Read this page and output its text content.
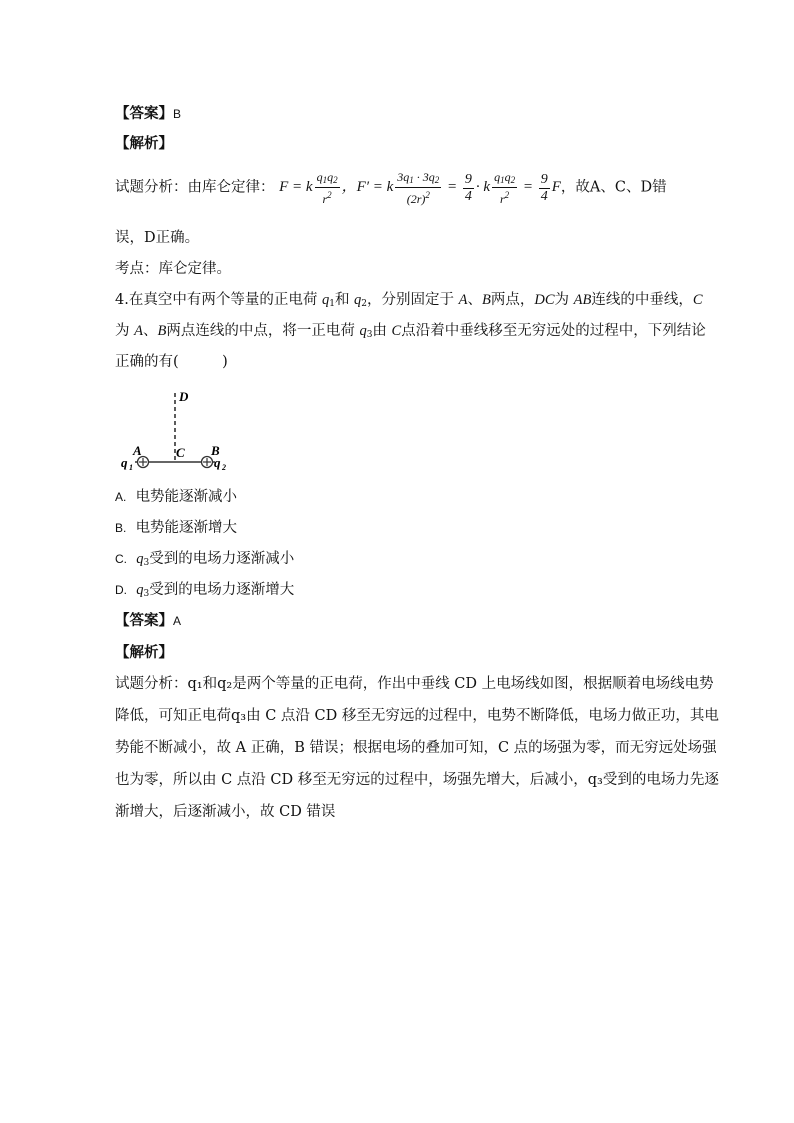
【答案】B
【解析】
试题分析：由库仑定律： F = k $\frac{q_1q_2}{r^2}$ ，F′ = k $\frac{3q_1 \cdot 3q_2}{(2r)^2} = \frac{9}{4} \cdot k \frac{q_1q_2}{r^2} = \frac{9}{4}$ F，故A、C、D错
误，D正确。
考点：库仑定律。
4.在真空中有两个等量的正电荷 $q_1$和 $q_2$，分别固定于 A、B两点，DC为 AB连线的中垂线，C
为 A、B两点连线的中点，将一正电荷 $q_3$由 C点沿着中垂线移至无穷远处的过程中，下列结论
正确的有(　　　)
D
A	C B
q 1	q 2
A. 电势能逐渐减小
B. 电势能逐渐增大
C. $q_3$受到的电场力逐渐减小
D. $q_3$受到的电场力逐渐增大
【答案】A
【解析】
试题分析：q₁和q₂是两个等量的正电荷，作出中垂线 CD 上电场线如图，根据顺着电场线电势
降低，可知正电荷q₃由 C 点沿 CD 移至无穷远的过程中，电势不断降低，电场力做正功，其电
势能不断减小，故 A 正确，B 错误；根据电场的叠加可知，C 点的场强为零，而无穷远处场强
也为零，所以由 C 点沿 CD 移至无穷远的过程中，场强先增大，后减小，q₃受到的电场力先逐
渐增大，后逐渐减小，故 CD 错误
